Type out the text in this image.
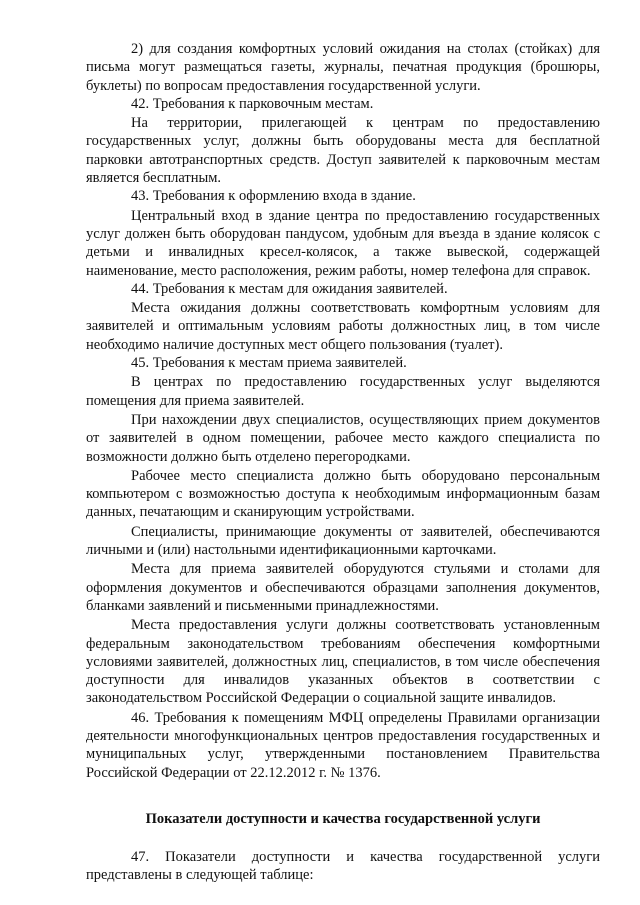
2) для создания комфортных условий ожидания на столах (стойках) для письма могут размещаться газеты, журналы, печатная продукция (брошюры, буклеты) по вопросам предоставления государственной услуги.

42. Требования к парковочным местам.

На территории, прилегающей к центрам по предоставлению государственных услуг, должны быть оборудованы места для бесплатной парковки автотранспортных средств. Доступ заявителей к парковочным местам является бесплатным.

43. Требования к оформлению входа в здание.

Центральный вход в здание центра по предоставлению государственных услуг должен быть оборудован пандусом, удобным для въезда в здание колясок с детьми и инвалидных кресел-колясок, а также вывеской, содержащей наименование, место расположения, режим работы, номер телефона для справок.

44. Требования к местам для ожидания заявителей.

Места ожидания должны соответствовать комфортным условиям для заявителей и оптимальным условиям работы должностных лиц, в том числе необходимо наличие доступных мест общего пользования (туалет).

45. Требования к местам приема заявителей.

В центрах по предоставлению государственных услуг выделяются помещения для приема заявителей.

При нахождении двух специалистов, осуществляющих прием документов от заявителей в одном помещении, рабочее место каждого специалиста по возможности должно быть отделено перегородками.

Рабочее место специалиста должно быть оборудовано персональным компьютером с возможностью доступа к необходимым информационным базам данных, печатающим и сканирующим устройствами.

Специалисты, принимающие документы от заявителей, обеспечиваются личными и (или) настольными идентификационными карточками.

Места для приема заявителей оборудуются стульями и столами для оформления документов и обеспечиваются образцами заполнения документов, бланками заявлений и письменными принадлежностями.

Места предоставления услуги должны соответствовать установленным федеральным законодательством требованиям обеспечения комфортными условиями заявителей, должностных лиц, специалистов, в том числе обеспечения доступности для инвалидов указанных объектов в соответствии с законодательством Российской Федерации о социальной защите инвалидов.

46. Требования к помещениям МФЦ определены Правилами организации деятельности многофункциональных центров предоставления государственных и муниципальных услуг, утвержденными постановлением Правительства Российской Федерации от 22.12.2012 г. № 1376.

Показатели доступности и качества государственной услуги

47. Показатели доступности и качества государственной услуги представлены в следующей таблице:
